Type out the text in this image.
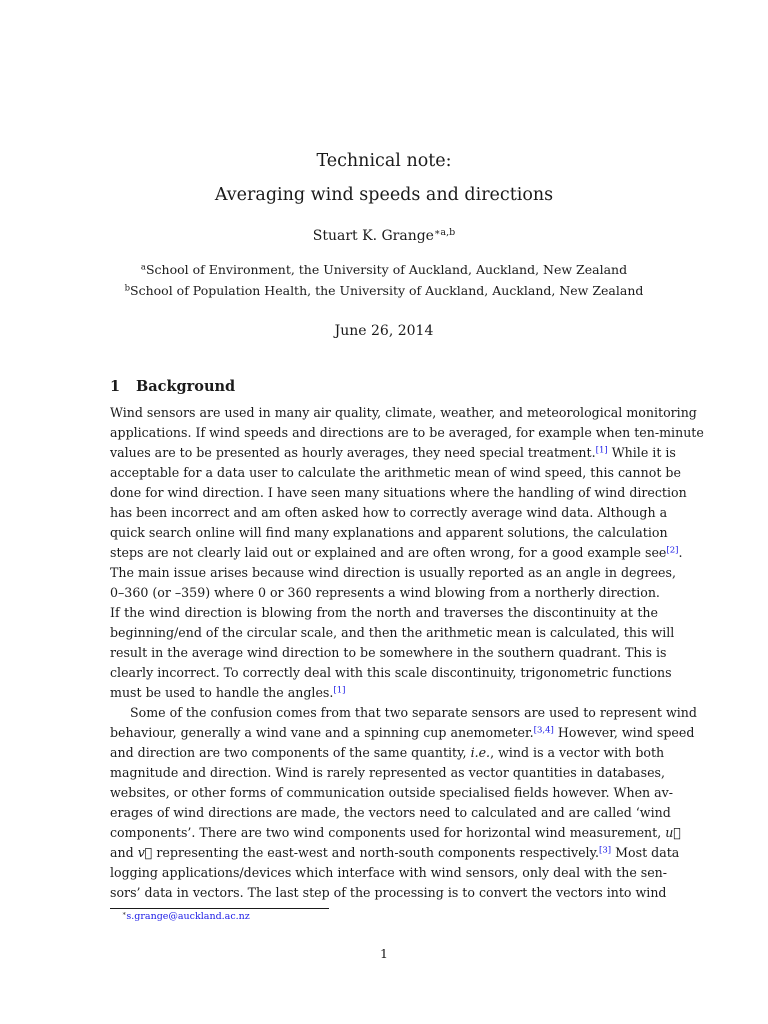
Technical note:
Averaging wind speeds and directions
Stuart K. Grange$^{∗a,b}$
$^a$School of Environment, the University of Auckland, Auckland, New Zealand
$^b$School of Population Health, the University of Auckland, Auckland, New Zealand
June 26, 2014
1 Background
Wind sensors are used in many air quality, climate, weather, and meteorological monitoring
applications. If wind speeds and directions are to be averaged, for example when ten-minute
values are to be presented as hourly averages, they need special treatment.[1] While it is
acceptable for a data user to calculate the arithmetic mean of wind speed, this cannot be
done for wind direction. I have seen many situations where the handling of wind direction
has been incorrect and am often asked how to correctly average wind data. Although a
quick search online will find many explanations and apparent solutions, the calculation
steps are not clearly laid out or explained and are often wrong, for a good example see[2].
The main issue arises because wind direction is usually reported as an angle in degrees,
0–360 (or –359) where 0 or 360 represents a wind blowing from a northerly direction.
If the wind direction is blowing from the north and traverses the discontinuity at the
beginning/end of the circular scale, and then the arithmetic mean is calculated, this will
result in the average wind direction to be somewhere in the southern quadrant. This is
clearly incorrect. To correctly deal with this scale discontinuity, trigonometric functions
must be used to handle the angles.[1]
Some of the confusion comes from that two separate sensors are used to represent wind
behaviour, generally a wind vane and a spinning cup anemometer.[3,4] However, wind speed
and direction are two components of the same quantity, i.e., wind is a vector with both
magnitude and direction. Wind is rarely represented as vector quantities in databases,
websites, or other forms of communication outside specialised fields however. When av-
erages of wind directions are made, the vectors need to calculated and are called ‘wind
components’. There are two wind components used for horizontal wind measurement, u⃗
and v⃗ representing the east-west and north-south components respectively.[3] Most data
logging applications/devices which interface with wind sensors, only deal with the sen-
sors’ data in vectors. The last step of the processing is to convert the vectors into wind
∗s.grange@auckland.ac.nz
1
